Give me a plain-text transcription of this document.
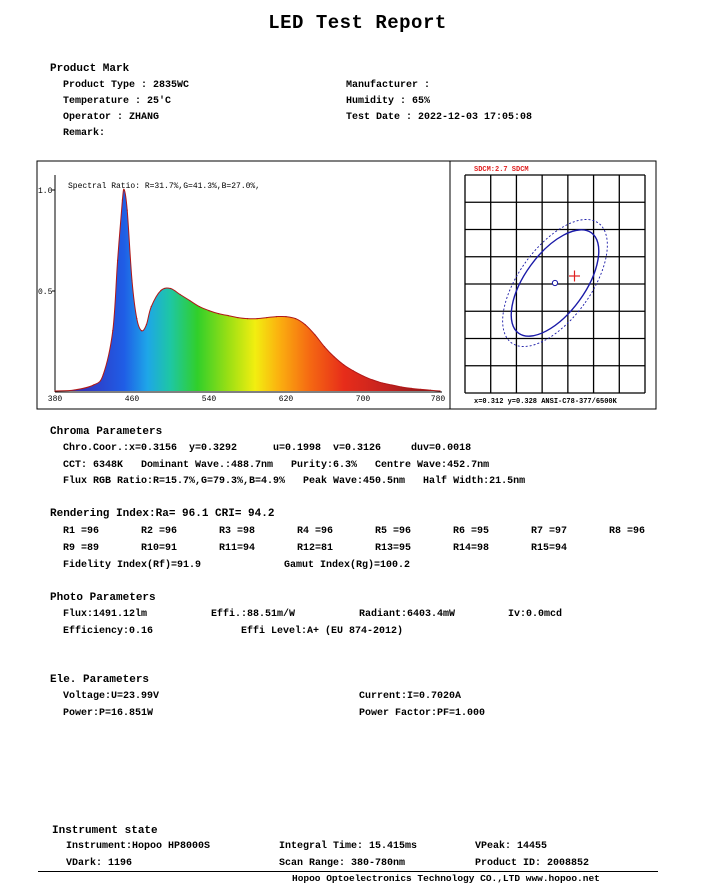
LED Test Report
Product Mark
Product Type : 2835WC	Manufacturer :
Temperature : 25'C	Humidity : 65%
Operator : ZHANG	Test Date : 2022-12-03 17:05:08
Remark:
Spectral Ratio: R=31.7%,G=41.3%,B=27.0%,
1.0
0.5
380	460	540	620	700	780
SDCM:2.7 SDCM
x=0.312 y=0.328 ANSI-C78-377/6500K
Chroma Parameters
Chro.Coor.:x=0.3156  y=0.3292      u=0.1998  v=0.3126     duv=0.0018
CCT: 6348K   Dominant Wave.:488.7nm   Purity:6.3%   Centre Wave:452.7nm
Flux RGB Ratio:R=15.7%,G=79.3%,B=4.9%   Peak Wave:450.5nm   Half Width:21.5nm
Rendering Index:Ra= 96.1 CRI= 94.2
R1 =96	R2 =96	R3 =98	R4 =96	R5 =96	R6 =95	R7 =97	R8 =96
R9 =89	R10=91	R11=94	R12=81	R13=95	R14=98	R15=94
Fidelity Index(Rf)=91.9	Gamut Index(Rg)=100.2
Photo Parameters
Flux:1491.12lm	Effi.:88.51m/W	Radiant:6403.4mW	Iv:0.0mcd
Efficiency:0.16	Effi Level:A+ (EU 874-2012)
Ele. Parameters
Voltage:U=23.99V	Current:I=0.7020A
Power:P=16.851W	Power Factor:PF=1.000
Instrument state
Instrument:Hopoo HP8000S	Integral Time: 15.415ms	VPeak: 14455
VDark: 1196	Scan Range: 380-780nm	Product ID: 2008852
Hopoo Optoelectronics Technology CO.,LTD www.hopoo.net
